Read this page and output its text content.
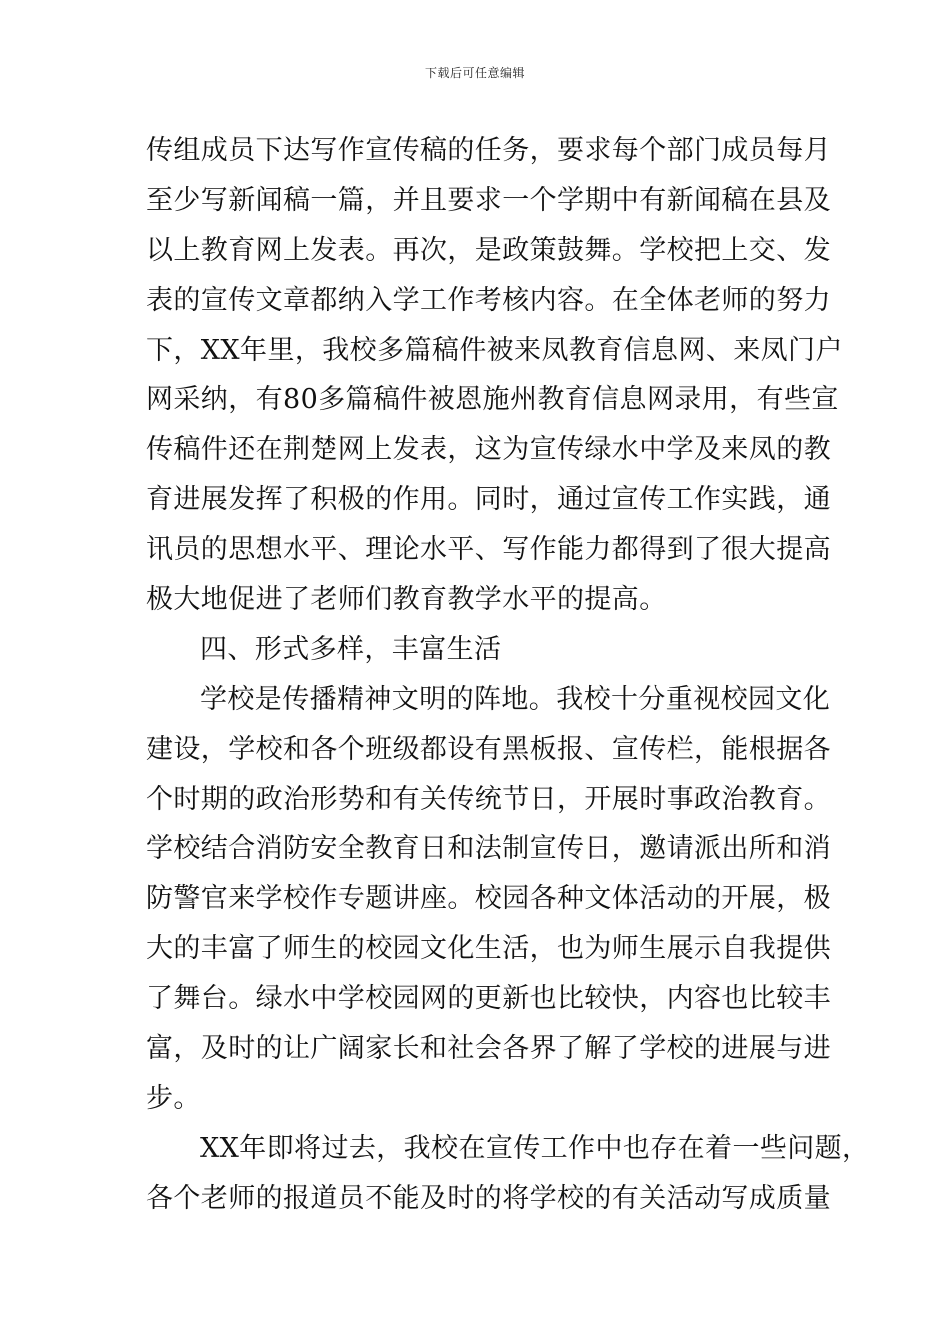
下载后可任意编辑
传组成员下达写作宣传稿的任务，要求每个部门成员每月
至少写新闻稿一篇，并且要求一个学期中有新闻稿在县及
以上教育网上发表。再次，是政策鼓舞。学校把上交、发
表的宣传文章都纳入学工作考核内容。在全体老师的努力
下，XX年里，我校多篇稿件被来凤教育信息网、来凤门户
网采纳，有80多篇稿件被恩施州教育信息网录用，有些宣
传稿件还在荆楚网上发表，这为宣传绿水中学及来凤的教
育进展发挥了积极的作用。同时，通过宣传工作实践，通
讯员的思想水平、理论水平、写作能力都得到了很大提高
极大地促进了老师们教育教学水平的提高。
四、形式多样，丰富生活
学校是传播精神文明的阵地。我校十分重视校园文化
建设，学校和各个班级都设有黑板报、宣传栏，能根据各
个时期的政治形势和有关传统节日，开展时事政治教育。
学校结合消防安全教育日和法制宣传日，邀请派出所和消
防警官来学校作专题讲座。校园各种文体活动的开展，极
大的丰富了师生的校园文化生活，也为师生展示自我提供
了舞台。绿水中学校园网的更新也比较快，内容也比较丰
富，及时的让广阔家长和社会各界了解了学校的进展与进
步。
XX年即将过去，我校在宣传工作中也存在着一些问题，
各个老师的报道员不能及时的将学校的有关活动写成质量
